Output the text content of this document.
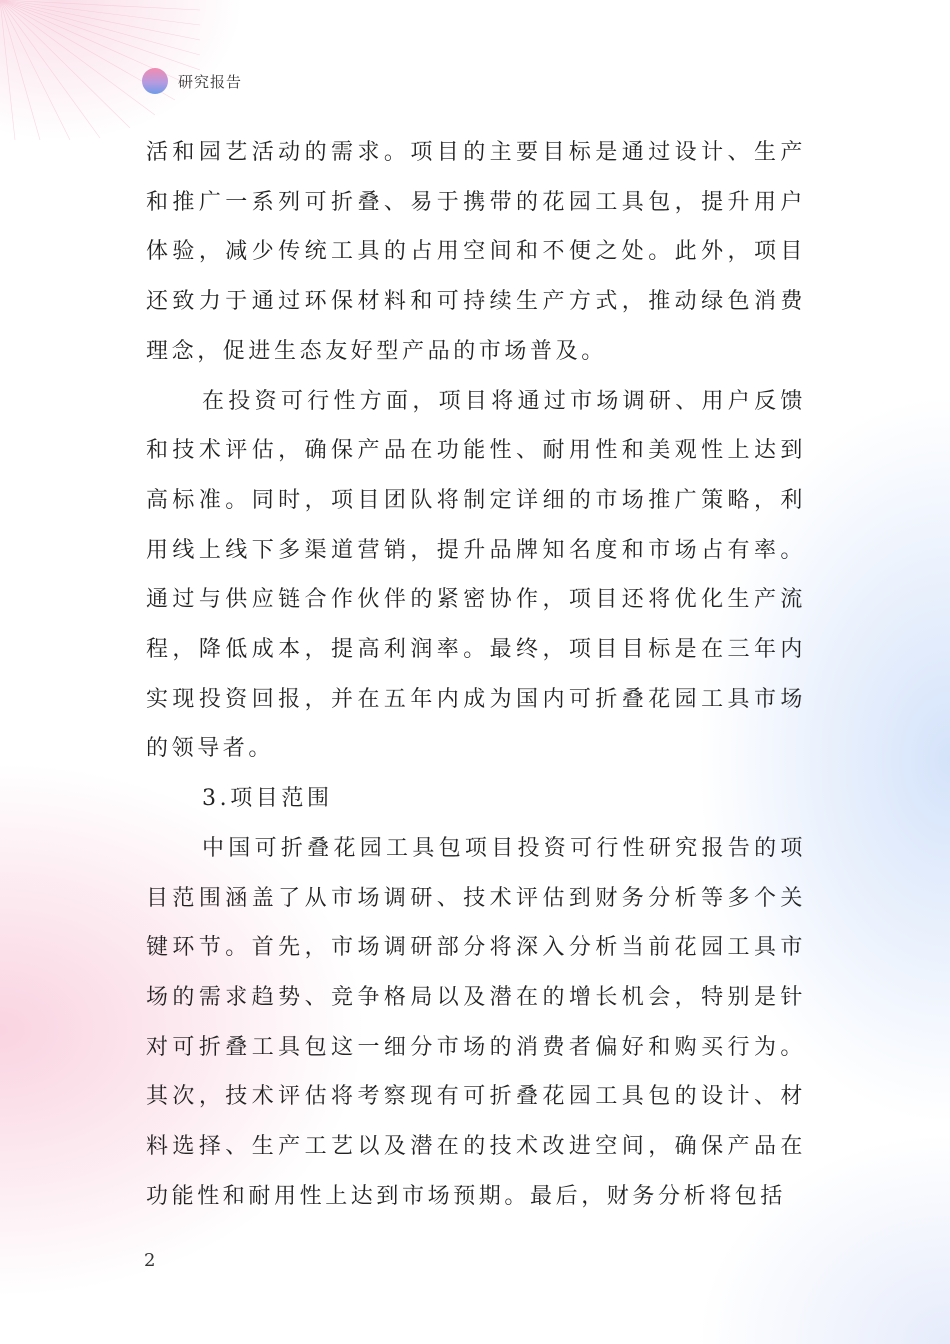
研究报告

活和园艺活动的需求。项目的主要目标是通过设计、生产和推广一系列可折叠、易于携带的花园工具包，提升用户体验，减少传统工具的占用空间和不便之处。此外，项目还致力于通过环保材料和可持续生产方式，推动绿色消费理念，促进生态友好型产品的市场普及。

在投资可行性方面，项目将通过市场调研、用户反馈和技术评估，确保产品在功能性、耐用性和美观性上达到高标准。同时，项目团队将制定详细的市场推广策略，利用线上线下多渠道营销，提升品牌知名度和市场占有率。通过与供应链合作伙伴的紧密协作，项目还将优化生产流程，降低成本，提高利润率。最终，项目目标是在三年内实现投资回报，并在五年内成为国内可折叠花园工具市场的领导者。

3.项目范围

中国可折叠花园工具包项目投资可行性研究报告的项目范围涵盖了从市场调研、技术评估到财务分析等多个关键环节。首先，市场调研部分将深入分析当前花园工具市场的需求趋势、竞争格局以及潜在的增长机会，特别是针对可折叠工具包这一细分市场的消费者偏好和购买行为。其次，技术评估将考察现有可折叠花园工具包的设计、材料选择、生产工艺以及潜在的技术改进空间，确保产品在功能性和耐用性上达到市场预期。最后，财务分析将包括

2
